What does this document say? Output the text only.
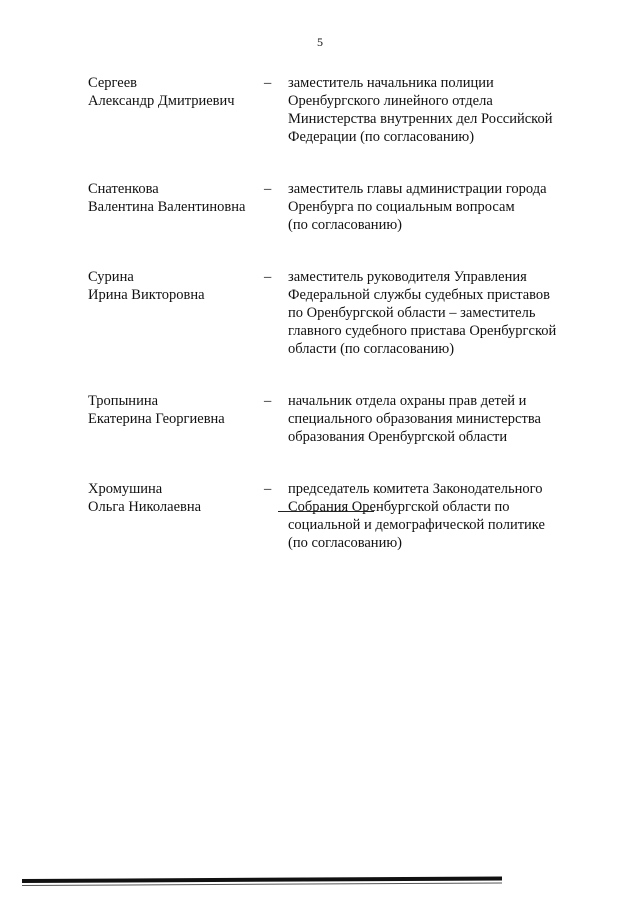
5
Сергеев
Александр Дмитриевич
–	заместитель начальника полиции
Оренбургского линейного отдела
Министерства внутренних дел Российской
Федерации (по согласованию)
Снатенкова
Валентина Валентиновна
–	заместитель главы администрации города
Оренбурга по социальным вопросам
(по согласованию)
Сурина
Ирина Викторовна
–	заместитель руководителя Управления
Федеральной службы судебных приставов
по Оренбургской области – заместитель
главного судебного пристава Оренбургской
области (по согласованию)
Тропынина
Екатерина Георгиевна
–	начальник отдела охраны прав детей и
специального образования министерства
образования Оренбургской области
Хромушина
Ольга Николаевна
–	председатель комитета Законодательного
Собрания Оренбургской области по
социальной и демографической политике
(по согласованию)
